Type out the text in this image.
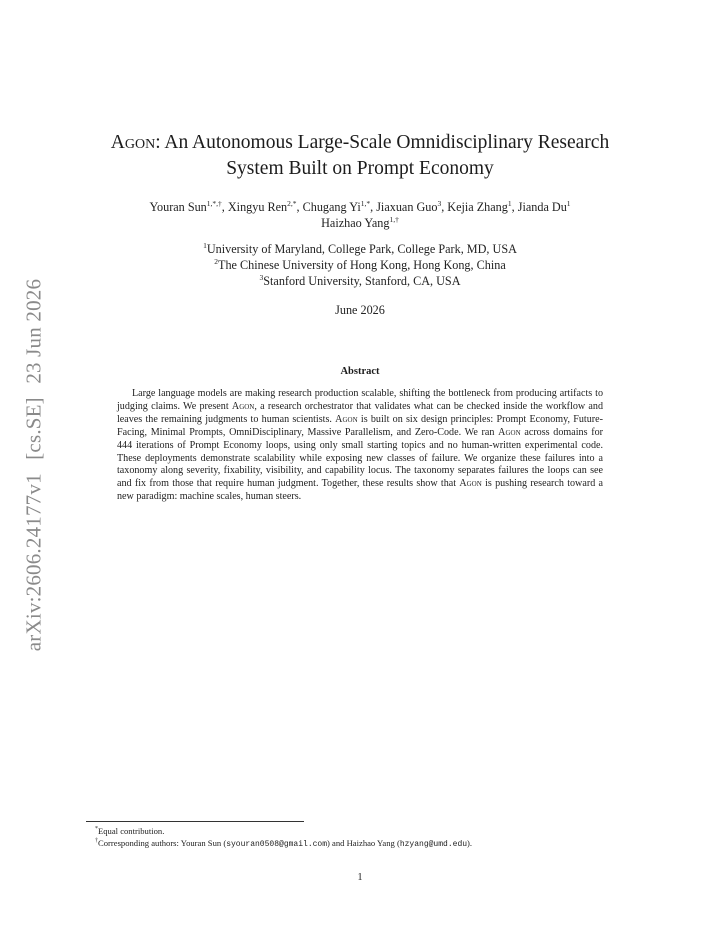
arXiv:2606.24177v1 [cs.SE] 23 Jun 2026
Agon: An Autonomous Large-Scale Omnidisciplinary Research
System Built on Prompt Economy
Youran Sun$^{1,*,\dagger}$, Xingyu Ren$^{2,*}$, Chugang $Yi^{1,*}$, Jiaxuan Guo$^3$, Kejia Zhang$^1$, Jianda Du$^1$
Haizhao Yang$^{1,\dagger}$
$^1$University of Maryland, College Park, College Park, MD, USA
$^2$The Chinese University of Hong Kong, Hong Kong, China
$^3$Stanford University, Stanford, CA, USA
June 2026
Abstract
Large language models are making research production scalable, shifting the bottleneck from producing artifacts to judging claims. We present Agon, a research orchestrator that validates what can be checked inside the workflow and leaves the remaining judgments to human scientists. Agon is built on six design principles: Prompt Economy, Future-Facing, Minimal Prompts, OmniDisciplinary, Massive Parallelism, and Zero-Code. We ran Agon across domains for 444 iterations of Prompt Economy loops, using only small starting topics and no human-written experimental code. These deployments demonstrate scalability while exposing new classes of failure. We organize these failures into a taxonomy along severity, fixability, visibility, and capability locus. The taxonomy separates failures the loops can see and fix from those that require human judgment. Together, these results show that Agon is pushing research toward a new paradigm: machine scales, human steers.
*Equal contribution.
†Corresponding authors: Youran Sun (syouran0508@gmail.com) and Haizhao Yang (hzyang@umd.edu).
1
